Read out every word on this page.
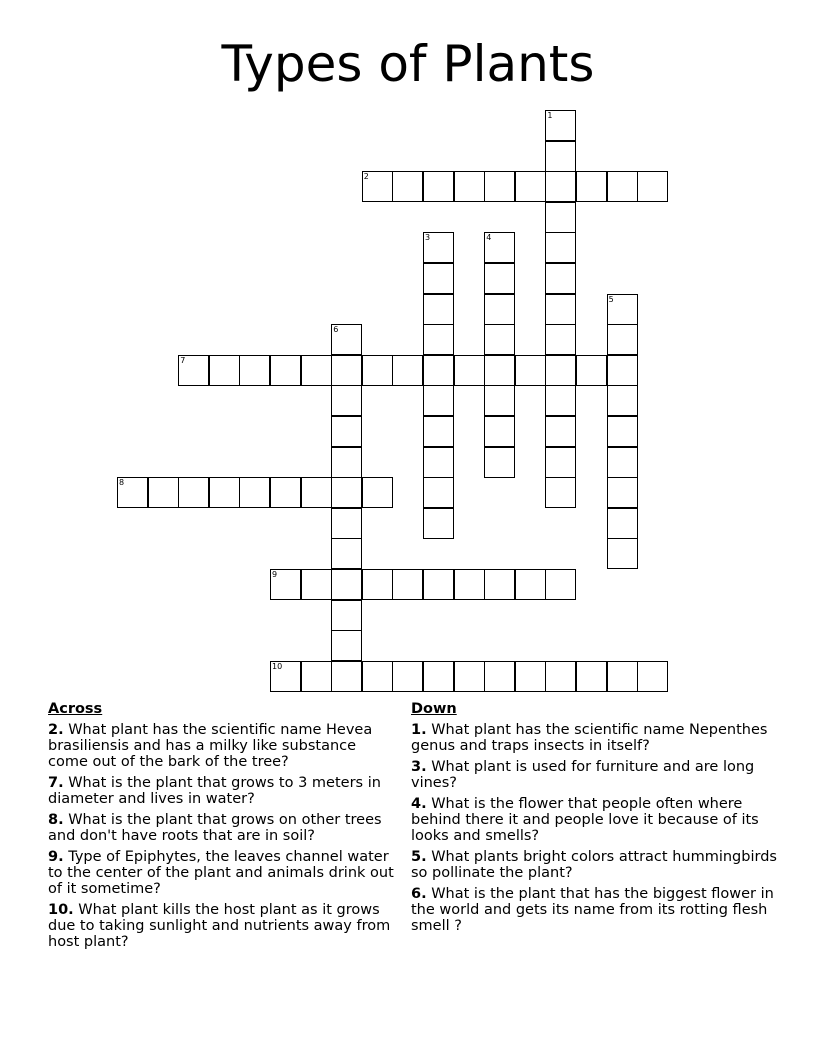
Types of Plants
1
2
3	4
5
6
7
8
9
10
Across
2. What plant has the scientific name Hevea brasiliensis and has a milky like substance come out of the bark of the tree?
7. What is the plant that grows to 3 meters in diameter and lives in water?
8. What is the plant that grows on other trees and don't have roots that are in soil?
9. Type of Epiphytes, the leaves channel water to the center of the plant and animals drink out of it sometime?
10. What plant kills the host plant as it grows due to taking sunlight and nutrients away from host plant?
Down
1. What plant has the scientific name Nepenthes genus and traps insects in itself?
3. What plant is used for furniture and are long vines?
4. What is the flower that people often where behind there it and people love it because of its looks and smells?
5. What plants bright colors attract hummingbirds so pollinate the plant?
6. What is the plant that has the biggest flower in the world and gets its name from its rotting flesh smell ?
